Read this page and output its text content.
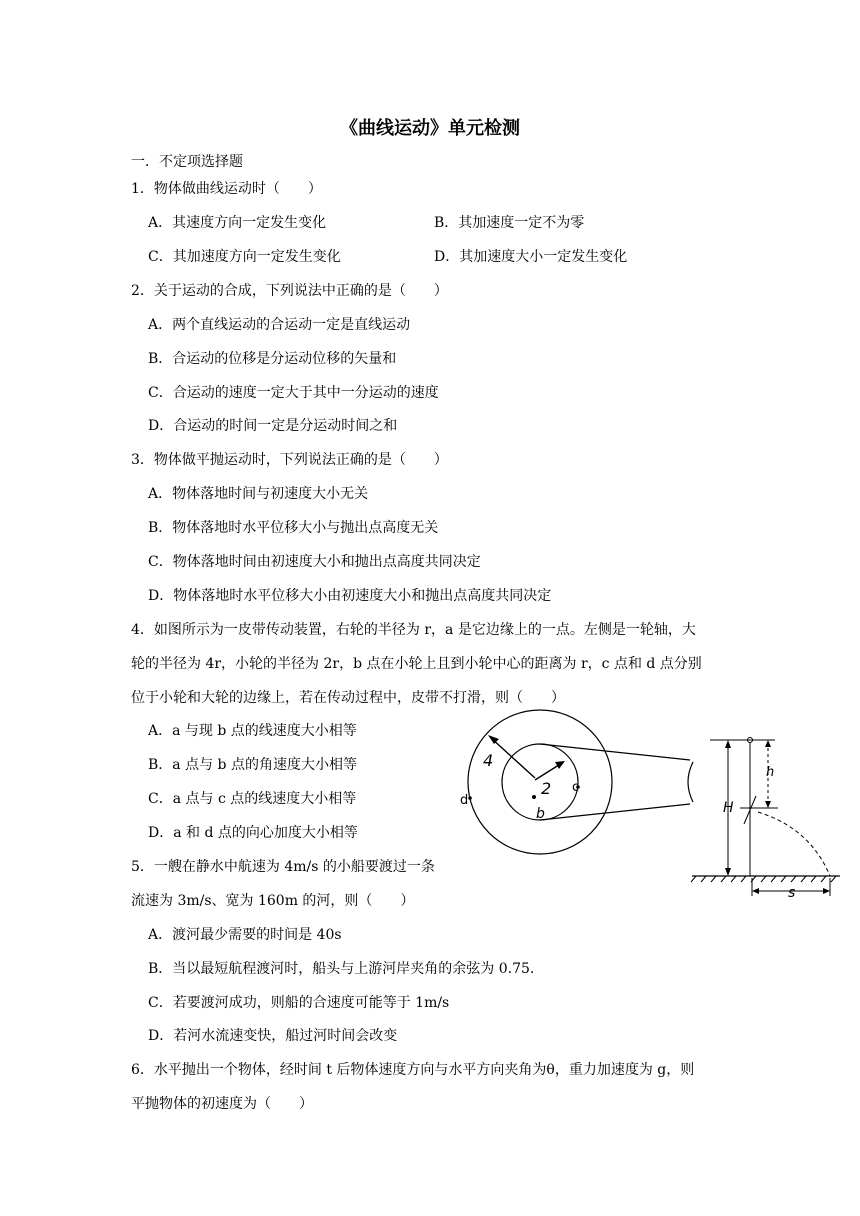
《曲线运动》单元检测
一．不定项选择题
1．物体做曲线运动时（　　）
A．其速度方向一定发生变化	B．其加速度一定不为零
C．其加速度方向一定发生变化	D．其加速度大小一定发生变化
2．关于运动的合成，下列说法中正确的是（　　）
A．两个直线运动的合运动一定是直线运动
B．合运动的位移是分运动位移的矢量和
C．合运动的速度一定大于其中一分运动的速度
D．合运动的时间一定是分运动时间之和
3．物体做平抛运动时，下列说法正确的是（　　）
A．物体落地时间与初速度大小无关
B．物体落地时水平位移大小与抛出点高度无关
C．物体落地时间由初速度大小和抛出点高度共同决定
D．物体落地时水平位移大小由初速度大小和抛出点高度共同决定
4．如图所示为一皮带传动装置，右轮的半径为 r，a 是它边缘上的一点。左侧是一轮轴，大
轮的半径为 4r，小轮的半径为 2r，b 点在小轮上且到小轮中心的距离为 r，c 点和 d 点分别
位于小轮和大轮的边缘上，若在传动过程中，皮带不打滑，则（　　）
A．a 与现 b 点的线速度大小相等
B．a 点与 b 点的角速度大小相等
C．a 点与 c 点的线速度大小相等
D．a 和 d 点的向心加度大小相等
5．一艘在静水中航速为 4m/s 的小船要渡过一条
流速为 3m/s、宽为 160m 的河，则（　　）
A．渡河最少需要的时间是 40s
B．当以最短航程渡河时，船头与上游河岸夹角的余弦为 0.75.
C．若要渡河成功，则船的合速度可能等于 1m/s
D．若河水流速变快，船过河时间会改变
6．水平抛出一个物体，经时间 t 后物体速度方向与水平方向夹角为θ，重力加速度为 g，则
平抛物体的初速度为（　　）
4
2 c
d
b
h
H
s
